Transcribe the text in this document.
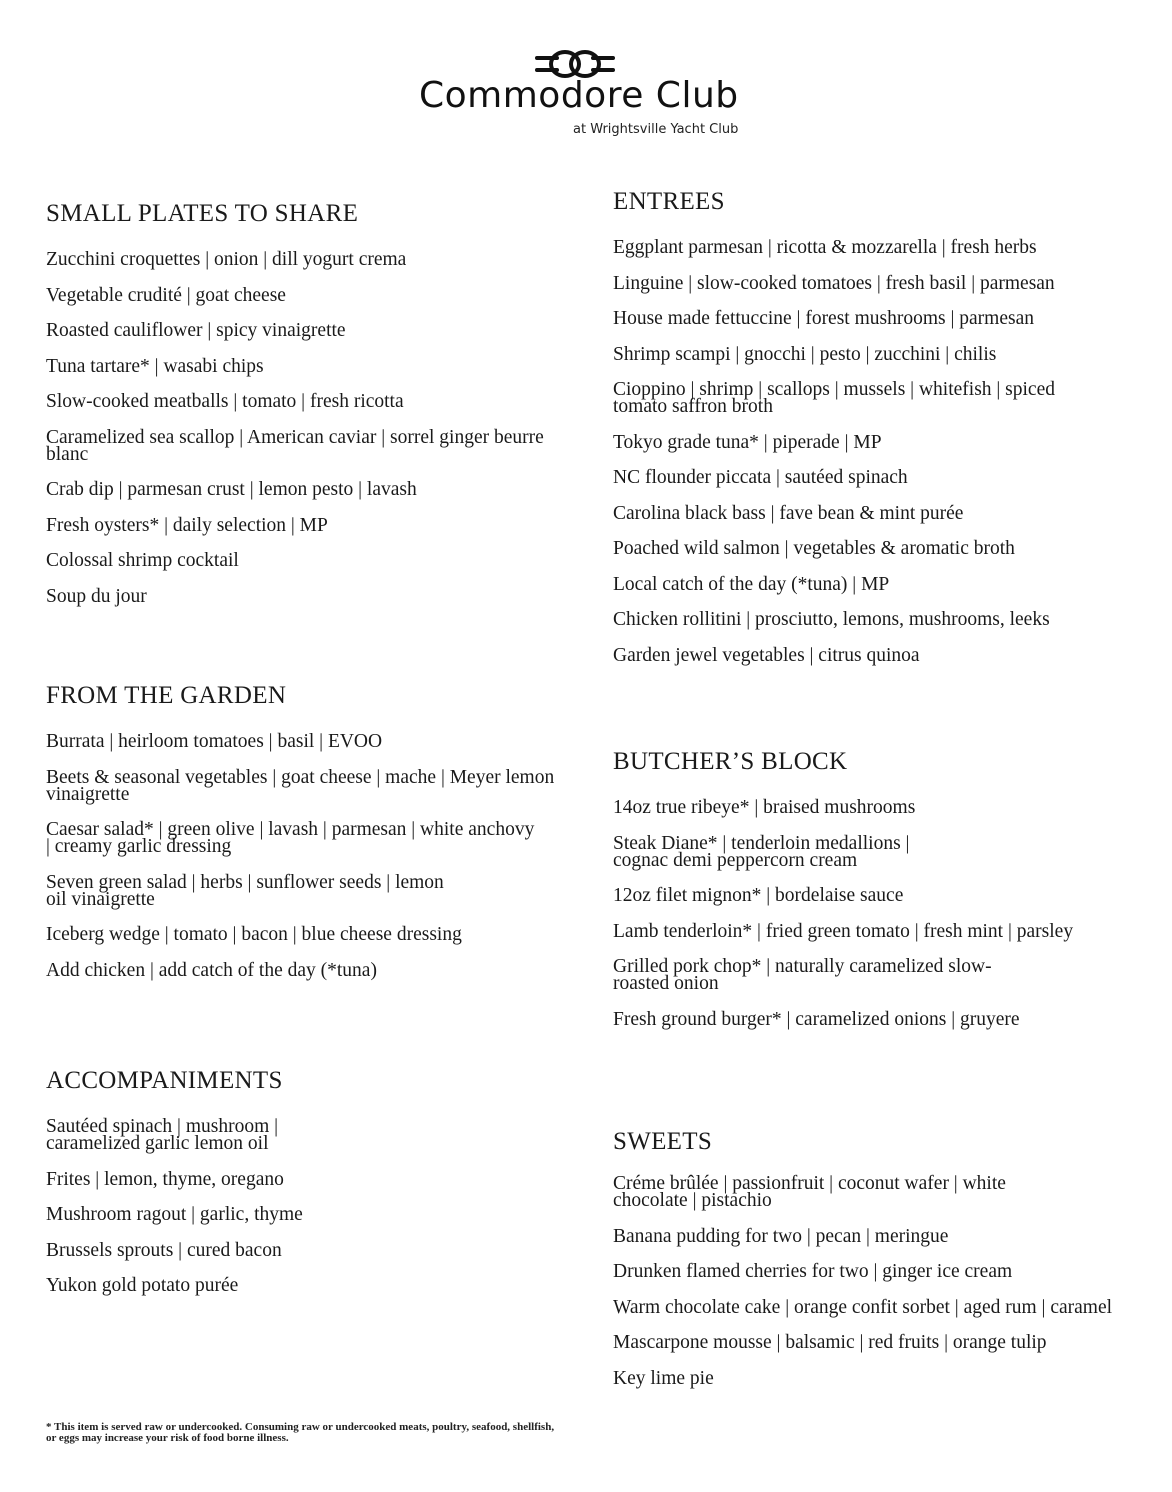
Commodore Club
at Wrightsville Yacht Club
SMALL PLATES TO SHARE
Zucchini croquettes | onion | dill yogurt crema
Vegetable crudité | goat cheese
Roasted cauliflower | spicy vinaigrette
Tuna tartare* | wasabi chips
Slow-cooked meatballs | tomato | fresh ricotta
Caramelized sea scallop | American caviar | sorrel ginger beurre blanc
Crab dip | parmesan crust | lemon pesto | lavash
Fresh oysters* | daily selection | MP
Colossal shrimp cocktail
Soup du jour
FROM THE GARDEN
Burrata | heirloom tomatoes | basil | EVOO
Beets & seasonal vegetables | goat cheese | mache | Meyer lemon vinaigrette
Caesar salad* | green olive | lavash | parmesan | white anchovy | creamy garlic dressing
Seven green salad | herbs | sunflower seeds | lemon oil vinaigrette
Iceberg wedge | tomato | bacon | blue cheese dressing
Add chicken | add catch of the day (*tuna)
ACCOMPANIMENTS
Sautéed spinach | mushroom | caramelized garlic lemon oil
Frites | lemon, thyme, oregano
Mushroom ragout | garlic, thyme
Brussels sprouts | cured bacon
Yukon gold potato purée
ENTREES
Eggplant parmesan | ricotta & mozzarella | fresh herbs
Linguine | slow-cooked tomatoes | fresh basil | parmesan
House made fettuccine | forest mushrooms | parmesan
Shrimp scampi | gnocchi | pesto | zucchini | chilis
Cioppino | shrimp | scallops | mussels | whitefish | spiced tomato saffron broth
Tokyo grade tuna* | piperade | MP
NC flounder piccata | sautéed spinach
Carolina black bass | fave bean & mint purée
Poached wild salmon | vegetables & aromatic broth
Local catch of the day (*tuna) | MP
Chicken rollitini | prosciutto, lemons, mushrooms, leeks
Garden jewel vegetables | citrus quinoa
BUTCHER’S BLOCK
14oz true ribeye* | braised mushrooms
Steak Diane* | tenderloin medallions | cognac demi peppercorn cream
12oz filet mignon* | bordelaise sauce
Lamb tenderloin* | fried green tomato | fresh mint | parsley
Grilled pork chop* | naturally caramelized slow-roasted onion
Fresh ground burger* | caramelized onions | gruyere
SWEETS
Créme brûlée | passionfruit | coconut wafer | white chocolate | pistachio
Banana pudding for two | pecan | meringue
Drunken flamed cherries for two | ginger ice cream
Warm chocolate cake | orange confit sorbet | aged rum | caramel
Mascarpone mousse | balsamic | red fruits | orange tulip
Key lime pie
* This item is served raw or undercooked. Consuming raw or undercooked meats, poultry, seafood, shellfish, or eggs may increase your risk of food borne illness.
